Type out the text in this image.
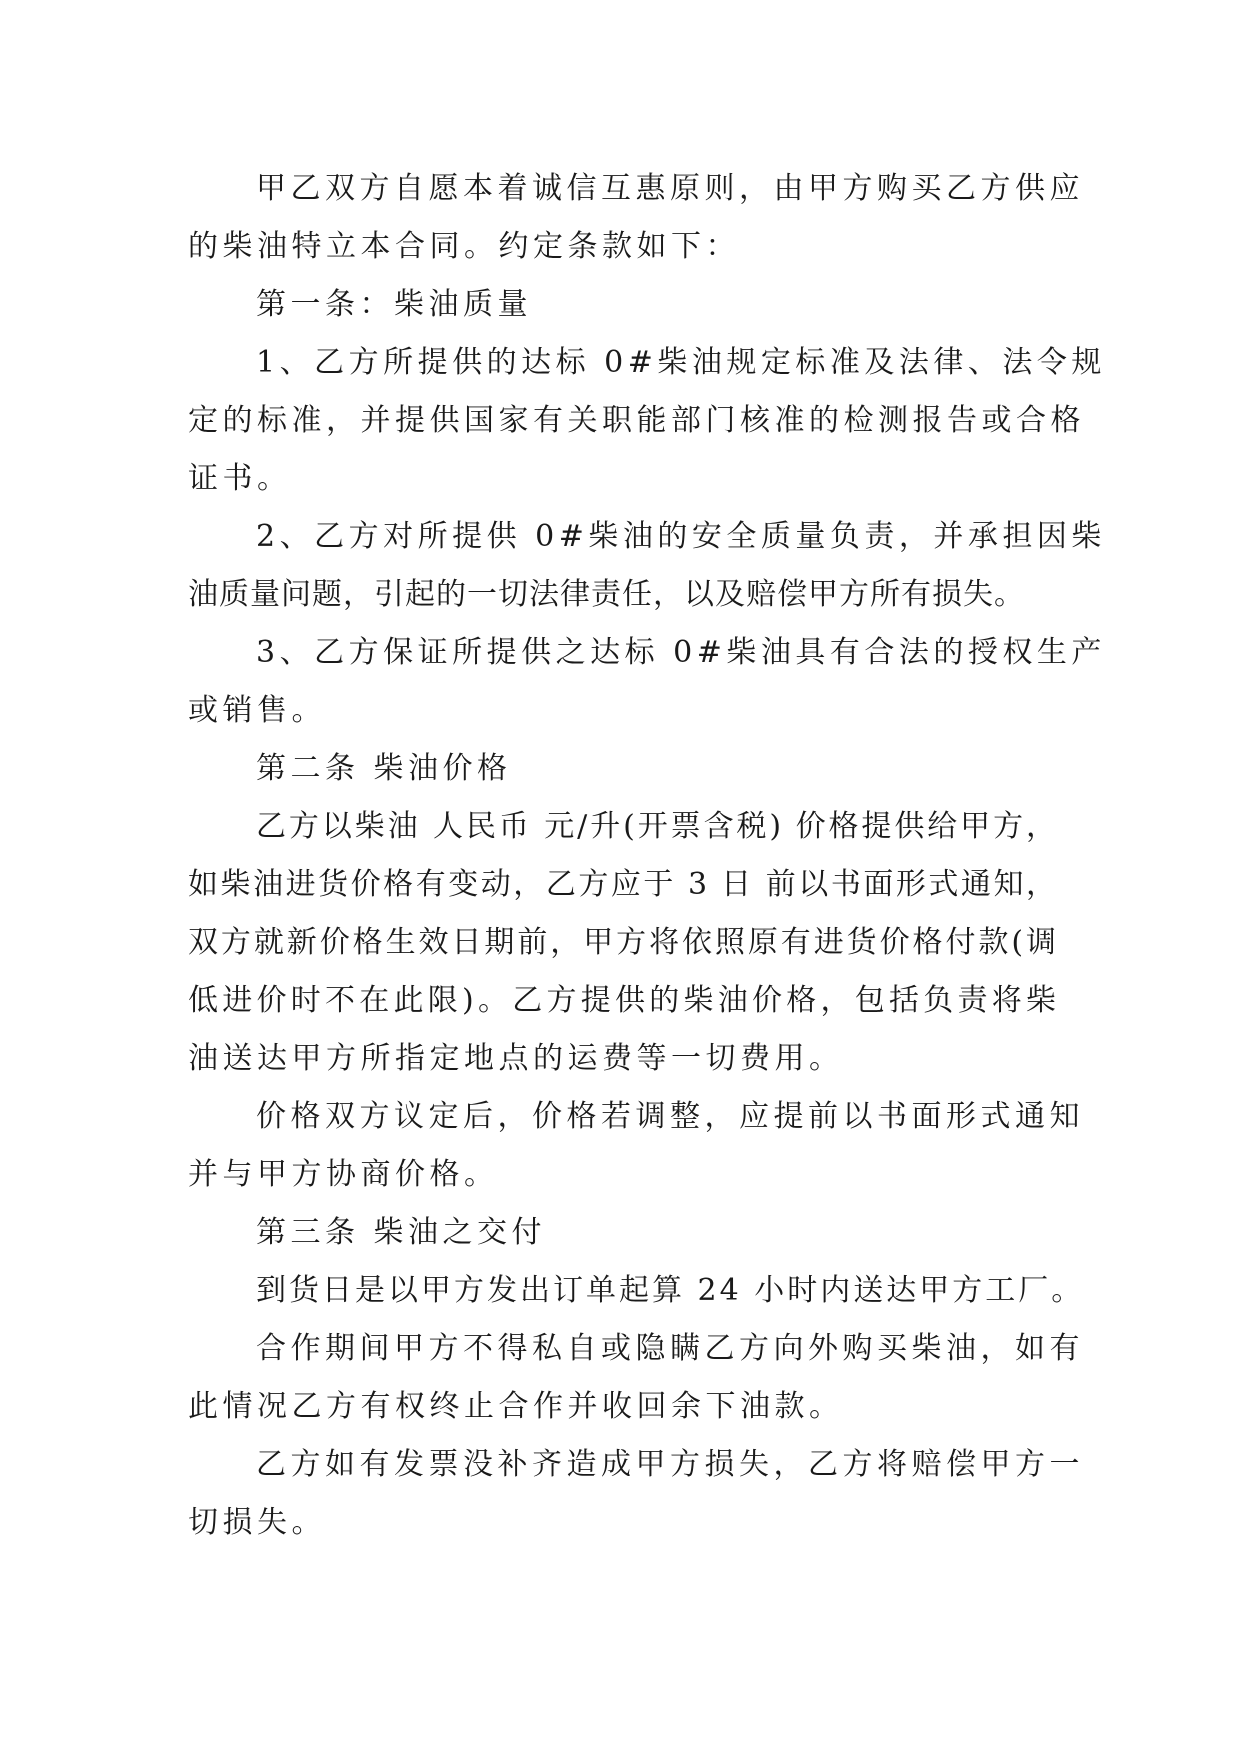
甲乙双方自愿本着诚信互惠原则，由甲方购买乙方供应
的柴油特立本合同。约定条款如下：
第一条：柴油质量
1、乙方所提供的达标 0#柴油规定标准及法律、法令规
定的标准，并提供国家有关职能部门核准的检测报告或合格
证书。
2、乙方对所提供 0#柴油的安全质量负责，并承担因柴
油质量问题，引起的一切法律责任，以及赔偿甲方所有损失。
3、乙方保证所提供之达标 0#柴油具有合法的授权生产
或销售。
第二条 柴油价格
乙方以柴油 人民币 元/升(开票含税) 价格提供给甲方，
如柴油进货价格有变动，乙方应于 3 日 前以书面形式通知，
双方就新价格生效日期前，甲方将依照原有进货价格付款(调
低进价时不在此限)。乙方提供的柴油价格，包括负责将柴
油送达甲方所指定地点的运费等一切费用。
价格双方议定后，价格若调整，应提前以书面形式通知
并与甲方协商价格。
第三条 柴油之交付
到货日是以甲方发出订单起算 24 小时内送达甲方工厂。
合作期间甲方不得私自或隐瞒乙方向外购买柴油，如有
此情况乙方有权终止合作并收回余下油款。
乙方如有发票没补齐造成甲方损失，乙方将赔偿甲方一
切损失。
